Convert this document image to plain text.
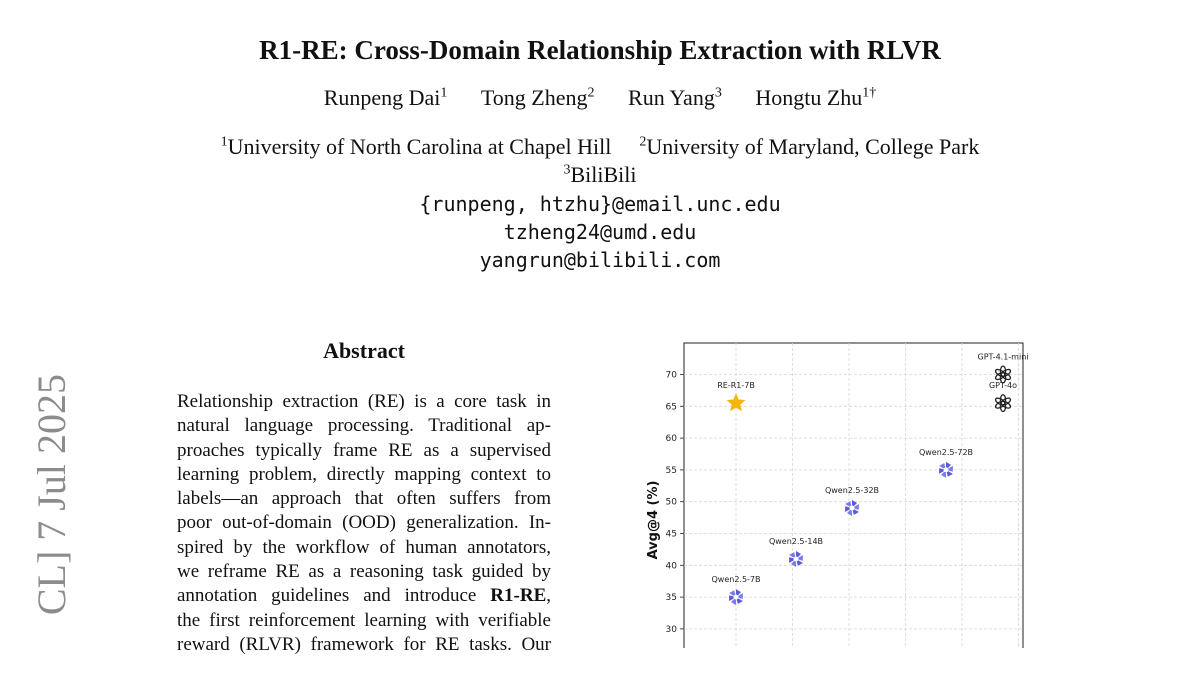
R1-RE: Cross-Domain Relationship Extraction with RLVR
Runpeng Dai$^1$ Tong Zheng$^2$ Run Yang$^3$ Hongtu Zhu$^{1\dagger}$
$^1$University of North Carolina at Chapel Hill $^2$University of Maryland, College Park
$^3$BiliBili
{runpeng, htzhu}@email.unc.edu
tzheng24@umd.edu
yangrun@bilibili.com
CL] 7 Jul 2025
Abstract
Relationship extraction (RE) is a core task in
natural language processing. Traditional ap-
proaches typically frame RE as a supervised
learning problem, directly mapping context to
labels—an approach that often suffers from
poor out-of-domain (OOD) generalization. In-
spired by the workflow of human annotators,
we reframe RE as a reasoning task guided by
annotation guidelines and introduce R1-RE,
the first reinforcement learning with verifiable
reward (RLVR) framework for RE tasks. Our
30
35
40
45
50
55
60
65
70
Avg@4 (%)
RE-R1-7B
Qwen2.5-7B
Qwen2.5-14B
Qwen2.5-32B
Qwen2.5-72B
GPT-4o
GPT-4.1-mini
